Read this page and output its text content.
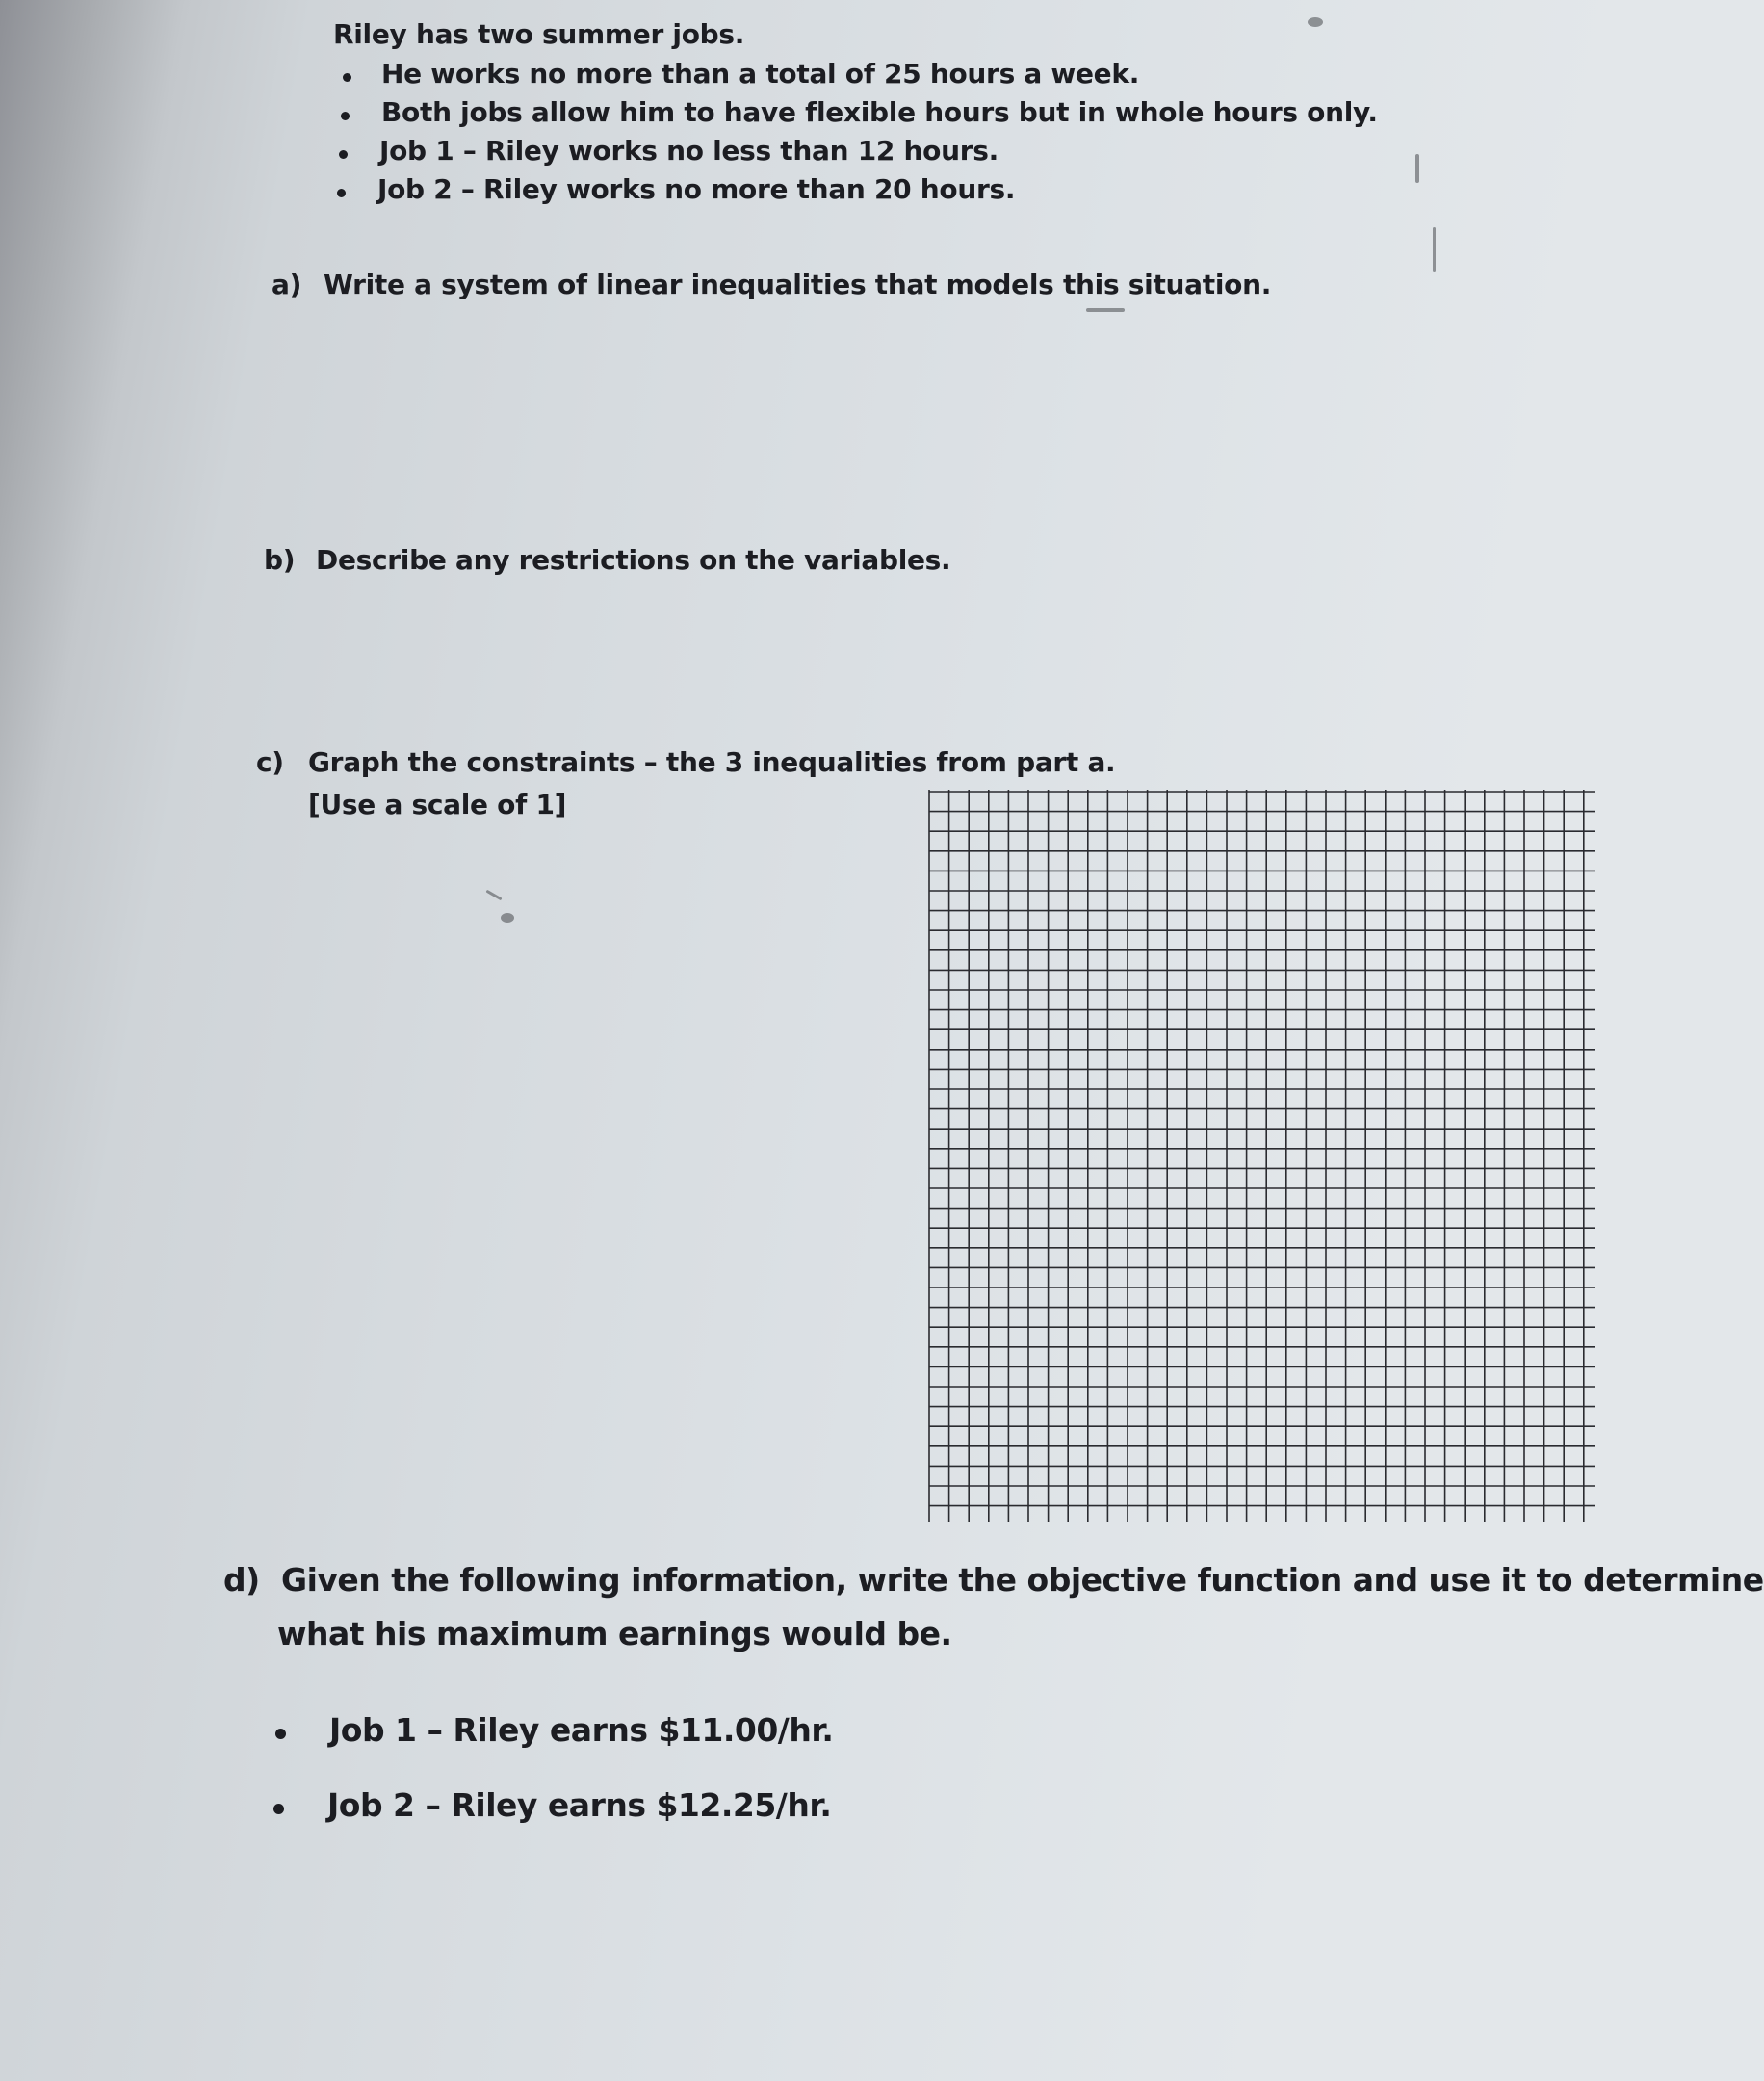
Riley has two summer jobs.
He works no more than a total of 25 hours a week.
Both jobs allow him to have flexible hours but in whole hours only.
Job 1 – Riley works no less than 12 hours.
Job 2 – Riley works no more than 20 hours.
a) Write a system of linear inequalities that models this situation.
b) Describe any restrictions on the variables.
c) Graph the constraints – the 3 inequalities from part a.
[Use a scale of 1]
d) Given the following information, write the objective function and use it to determine
what his maximum earnings would be.
Job 1 – Riley earns $11.00/hr.
Job 2 – Riley earns $12.25/hr.
